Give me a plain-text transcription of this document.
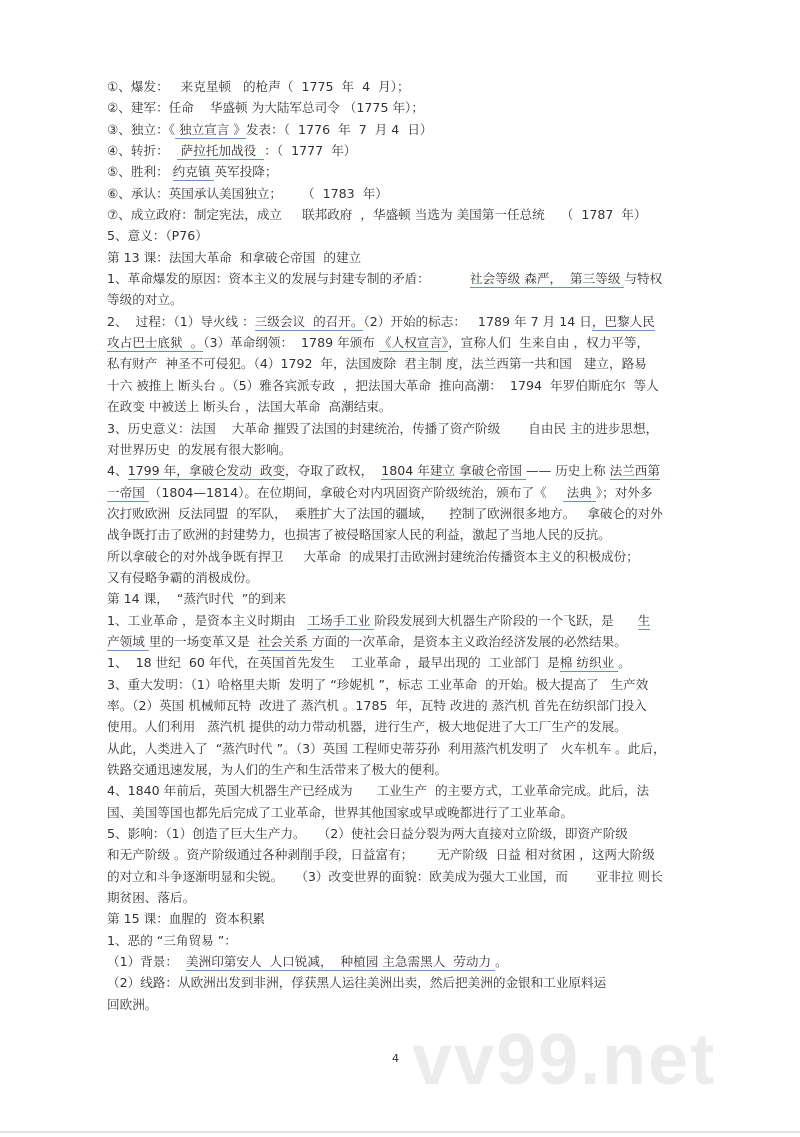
①、爆发：   来克星顿   的枪声（  1775  年  4  月）；
②、建军：任命    华盛顿 为大陆军总司令 （1775 年）；
③、独立：《 独立宣言 》发表：（  1776  年  7  月 4  日）
④、转折：   萨拉托加战役  ：（  1777  年）
⑤、胜利： 约克镇 英军投降；
⑥、承认：英国承认美国独立；     （  1783  年）
⑦、成立政府：制定宪法，成立     联邦政府  ，华盛顿 当选为 美国第一任总统    （  1787  年）
5、意义：（P76）
第 13 课：法国大革命  和拿破仑帝国  的建立
1、革命爆发的原因：资本主义的发展与封建专制的矛盾：          社会等级 森严，  第三等级 与特权
等级的对立。
2、  过程：（1）导火线 ：三级会议  的召开。（2）开始的标志：   1789 年 7 月 14 日，巴黎人民
攻占巴士底狱  。（3）革命纲领：  1789 年颁布 《人权宣言》，宣称人们  生来自由 ，权力平等，
私有财产  神圣不可侵犯。（4）1792  年，法国废除  君主制 度，法兰西第一共和国   建立，路易
十六 被推上 断头台 。（5）雅各宾派专政  ，把法国大革命  推向高潮：  1794  年罗伯斯庇尔  等人
在政变 中被送上 断头台 ，法国大革命  高潮结束。
3、历史意义：法国    大革命 摧毁了法国的封建统治，传播了资产阶级       自由民 主的进步思想，
对世界历史  的发展有很大影响。
4、1799 年，拿破仑发动  政变，夺取了政权，  1804 年建立 拿破仑帝国 —— 历史上称 法兰西第
一帝国 （1804—1814）。在位期间，拿破仑对内巩固资产阶级统治，颁布了《     法典 》；对外多
次打败欧洲  反法同盟  的军队，  乘胜扩大了法国的疆域，    控制了欧洲很多地方。   拿破仑的对外
战争既打击了欧洲的封建势力，也损害了被侵略国家人民的利益，激起了当地人民的反抗。
所以拿破仑的对外战争既有捍卫     大革命  的成果打击欧洲封建统治传播资本主义的积极成份；
又有侵略争霸的消极成份。
第 14 课，  “蒸汽时代  ”的到来
1、工业革命 ，是资本主义时期由   工场手工业 阶段发展到大机器生产阶段的一个飞跃，是      生
产领域 里的一场变革又是  社会关系 方面的一次革命，是资本主义政治经济发展的必然结果。
1、  18 世纪  60 年代，在英国首先发生    工业革命 ，最早出现的  工业部门  是棉 纺织业 。
3、重大发明：（1）哈格里夫斯  发明了 “珍妮机 ”，标志 工业革命  的开始。极大提高了   生产效
率。（2）英国 机械师瓦特  改进了 蒸汽机 。1785  年，瓦特 改进的 蒸汽机 首先在纺织部门投入
使用。人们利用   蒸汽机 提供的动力带动机器，进行生产，极大地促进了大工厂生产的发展。
从此，人类进入了  “蒸汽时代 ”。（3）英国 工程师史蒂芬孙  利用蒸汽机发明了   火车机车 。此后，
铁路交通迅速发展，为人们的生产和生活带来了极大的便利。
4、1840 年前后，英国大机器生产已经成为      工业生产  的主要方式，工业革命完成。此后，法
国、美国等国也都先后完成了工业革命，世界其他国家或早或晚都进行了工业革命。
5、影响：（1）创造了巨大生产力。   （2）使社会日益分裂为两大直接对立阶级，即资产阶级
和无产阶级 。资产阶级通过各种剥削手段，日益富有；      无产阶级  日益 相对贫困 ，这两大阶级
的对立和斗争逐渐明显和尖锐。   （3）改变世界的面貌：欧美成为强大工业国，而       亚非拉 则长
期贫困、落后。
第 15 课：血腥的  资本积累
1、恶的 “三角贸易 ”：
（1）背景：  美洲印第安人  人口锐减，  种植园 主急需黑人  劳动力 。
（2）线路：从欧洲出发到非洲，俘获黑人运往美洲出卖，然后把美洲的金银和工业原料运
回欧洲。
vv99.net
4
